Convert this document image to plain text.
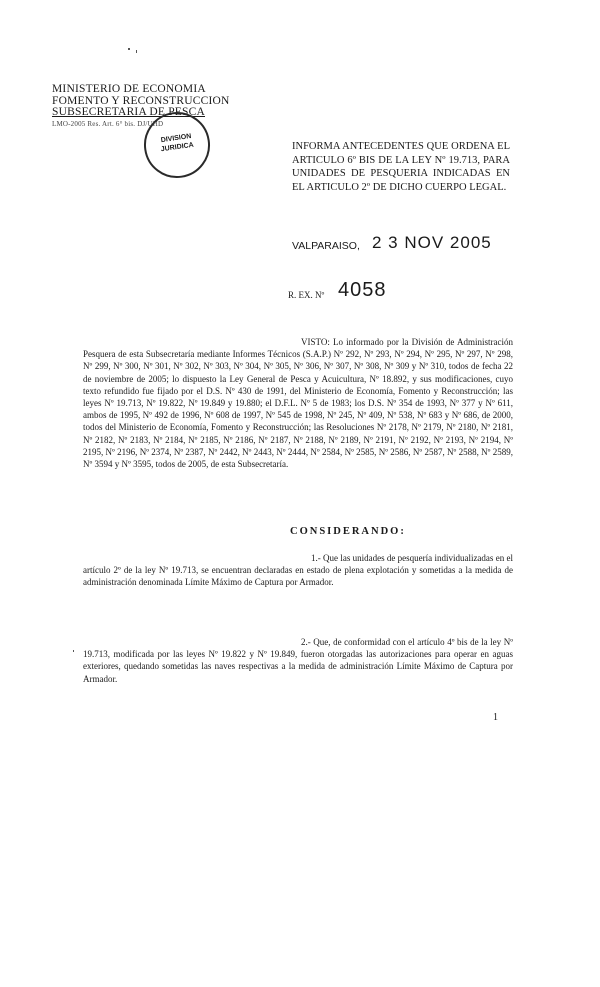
MINISTERIO DE ECONOMIA
FOMENTO Y RECONSTRUCCION
SUBSECRETARIA DE PESCA
LMO-2005 Res. Art. 6° bis. DJ/UHD
DIVISION
JURIDICA	INFORMA ANTECEDENTES QUE ORDENA EL ARTICULO 6º BIS DE LA LEY Nº 19.713, PARA UNIDADES DE PESQUERIA INDICADAS EN EL ARTICULO 2º DE DICHO CUERPO LEGAL.
VALPARAISO, 2 3 NOV 2005
R. EX. Nº 4058
VISTO: Lo informado por la División de Administración Pesquera de esta Subsecretaría mediante Informes Técnicos (S.A.P.) Nº 292, Nº 293, Nº 294, Nº 295, Nº 297, Nº 298, Nº 299, Nº 300, Nº 301, Nº 302, Nº 303, Nº 304, Nº 305, Nº 306, Nº 307, Nº 308, Nº 309 y Nº 310, todos de fecha 22 de noviembre de 2005; lo dispuesto la Ley General de Pesca y Acuicultura, Nº 18.892, y sus modificaciones, cuyo texto refundido fue fijado por el D.S. Nº 430 de 1991, del Ministerio de Economía, Fomento y Reconstrucción; las leyes Nº 19.713, Nº 19.822, Nº 19.849 y 19.880; el D.F.L. Nº 5 de 1983; los D.S. Nº 354 de 1993, Nº 377 y Nº 611, ambos de 1995, Nº 492 de 1996, Nº 608 de 1997, Nº 545 de 1998, Nº 245, Nº 409, Nº 538, Nº 683 y Nº 686, de 2000, todos del Ministerio de Economía, Fomento y Reconstrucción; las Resoluciones Nº 2178, Nº 2179, Nº 2180, Nº 2181, Nº 2182, Nº 2183, Nº 2184, Nº 2185, Nº 2186, Nº 2187, Nº 2188, Nº 2189, Nº 2191, Nº 2192, Nº 2193, Nº 2194, Nº 2195, Nº 2196, Nº 2374, Nº 2387, Nº 2442, Nº 2443, Nº 2444, Nº 2584, Nº 2585, Nº 2586, Nº 2587, Nº 2588, Nº 2589, Nº 3594 y Nº 3595, todos de 2005, de esta Subsecretaría.
CONSIDERANDO:
1.- Que las unidades de pesquería individualizadas en el artículo 2º de la ley Nº 19.713, se encuentran declaradas en estado de plena explotación y sometidas a la medida de administración denominada Límite Máximo de Captura por Armador.
2.- Que, de conformidad con el artículo 4º bis de la ley Nº 19.713, modificada por las leyes Nº 19.822 y Nº 19.849, fueron otorgadas las autorizaciones para operar en aguas exteriores, quedando sometidas las naves respectivas a la medida de administración Límite Máximo de Captura por Armador.
1
